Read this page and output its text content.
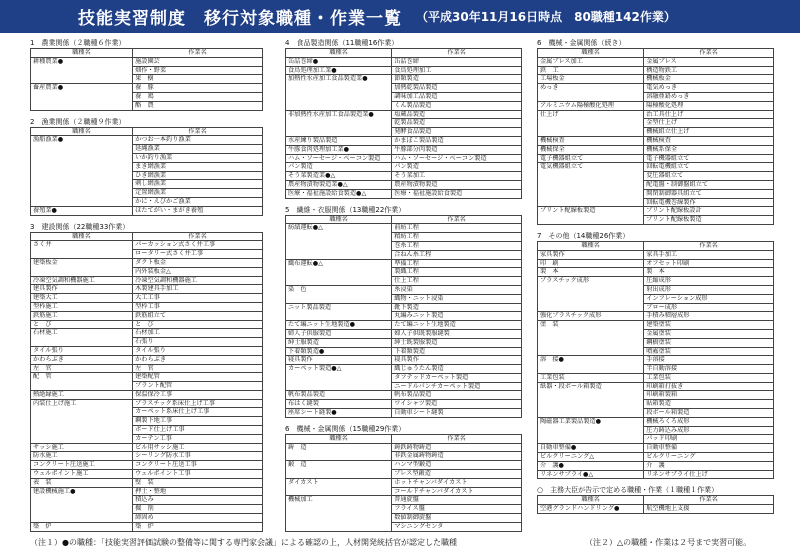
技能実習制度　移行対象職種・作業一覧 （平成30年11月16日時点　80職種142作業）
1　農業関係（２職種６作業）
職種名	作業名
耕種農業●	施設園芸
	畑作・野菜
	果　樹
畜産農業●	養　豚
	養　鶏
	酪　農
2　漁業関係（２職種９作業）
職種名	作業名
漁船漁業●	かつお一本釣り漁業
	延縄漁業
	いか釣り漁業
	まき網漁業
	ひき網漁業
	刺し網漁業
	定置網漁業
	かに・えびかご漁業
養殖業●	ほたてがい・まがき養殖
3　建設関係（22職種33作業）
職種名	作業名
さく井	パーカッション式さく井工事
	ロータリー式さく井工事
建築板金	ダクト板金
	内外装板金△
冷凍空気調和機器施工	冷凍空気調和機器施工
建具製作	木製建具手加工
建築大工	大工工事
型枠施工	型枠工事
鉄筋施工	鉄筋組立て
と　び	と　び
石材施工	石材加工
	石張り
タイル張り	タイル張り
かわらぶき	かわらぶき
左　官	左　官
配　管	建築配管
	プラント配管
熱絶縁施工	保温保冷工事
内装仕上げ施工	プラスチック系床仕上げ工事
	カーペット系床仕上げ工事
	鋼製下地工事
	ボード仕上げ工事
	カーテン工事
サッシ施工	ビル用サッシ施工
防水施工	シーリング防水工事
コンクリート圧送施工	コンクリート圧送工事
ウェルポイント施工	ウェルポイント工事
表　装	壁　装
建設機械施工●	押土・整地
	積込み
	掘　削
	締固め
築　炉	築　炉
4　食品製造関係（11職種16作業）
職種名	作業名
缶詰巻締●	缶詰巻締
食鳥処理加工業●	食鳥処理加工
加熱性水産加工食品製造業●	節類製造
	加熱乾製品製造
	調味加工品製造
	くん製品製造
非加熱性水産加工食品製造業●	塩蔵品製造
	乾製品製造
	発酵食品製造
水産練り製品製造	かまぼこ製品製造
牛豚食肉処理加工業●	牛豚部分肉製造
ハム・ソーセージ・ベーコン製造	ハム・ソーセージ・ベーコン製造
パン製造	パン製造
そう菜製造業●△	そう菜加工
農産物漬物製造業●△	農産物漬物製造
医療・福祉施設給食製造●△	医療・福祉施設給食製造
5　繊維・衣服関係（13職種22作業）
職種名	作業名
紡績運転●△	前紡工程
	精紡工程
	巻糸工程
	合ねん糸工程
織布運転●△	準備工程
	製織工程
	仕上工程
染　色	糸浸染
	織物・ニット浸染
ニット製品製造	靴下製造
	丸編みニット製造
たて編ニット生地製造●	たて編ニット生地製造
婦人子供服製造	婦人子供既製服縫製
紳士服製造	紳士既製服製造
下着類製造●	下着類製造
寝具製作	寝具製作
カーペット製造●△	織じゅうたん製造
	タフテッドカーペット製造
	ニードルパンチカーペット製造
帆布製品製造	帆布製品製造
布はく縫製	ワイシャツ製造
座席シート縫製●	自動車シート縫製
6　機械・金属関係（15職種29作業）
職種名	作業名
鋳　造	鋳鉄鋳物鋳造
	非鉄金属鋳物鋳造
鍛　造	ハンマ型鍛造
	プレス型鍛造
ダイカスト	ホットチャンバダイカスト
	コールドチャンバダイカスト
機械加工	普通旋盤
	フライス盤
	数値制御旋盤
	マシニングセンタ
6　機械・金属関係（続き）
職種名	作業名
金属プレス加工	金属プレス
鉄　工	構造物鉄工
工場板金	機械板金
めっき	電気めっき
	溶融亜鉛めっき
アルミニウム陽極酸化処理	陽極酸化処理
仕上げ	治工具仕上げ
	金型仕上げ
	機械組立仕上げ
機械検査	機械検査
機械保全	機械系保全
電子機器組立て	電子機器組立て
電気機器組立て	回転電機組立て
	変圧器組立て
	配電盤・制御盤組立て
	開閉制御器具組立て
	回転電機巻線製作
プリント配線板製造	プリント配線板設計
	プリント配線板製造
7　その他（14職種26作業）
職種名	作業名
家具製作	家具手加工
印　刷	オフセット印刷
製　本	製　本
プラスチック成形	圧縮成形
	射出成形
	インフレーション成形
	ブロー成形
強化プラスチック成形	手積み積層成形
塗　装	建築塗装
	金属塗装
	鋼橋塗装
	噴霧塗装
溶　接●	手溶接
	半自動溶接
工業包装	工業包装
紙器・段ボール箱製造	印刷箱打抜き
	印刷箱製箱
	貼箱製造
	段ボール箱製造
陶磁器工業製品製造●	機械ろくろ成形
	圧力鋳込み成形
	パッド印刷
自動車整備●	自動車整備
ビルクリーニング△	ビルクリーニング
介　護●	介　護
リネンサプライ●△	リネンサプライ仕上げ
○　主務大臣が告示で定める職種・作業（１職種１作業）
職種名	作業名
空港グランドハンドリング●	航空機地上支援
（注１）●の職種：「技能実習評価試験の整備等に関する専門家会議」による確認の上，人材開発統括官が認定した職種	（注２）△の職種・作業は２号まで実習可能。
